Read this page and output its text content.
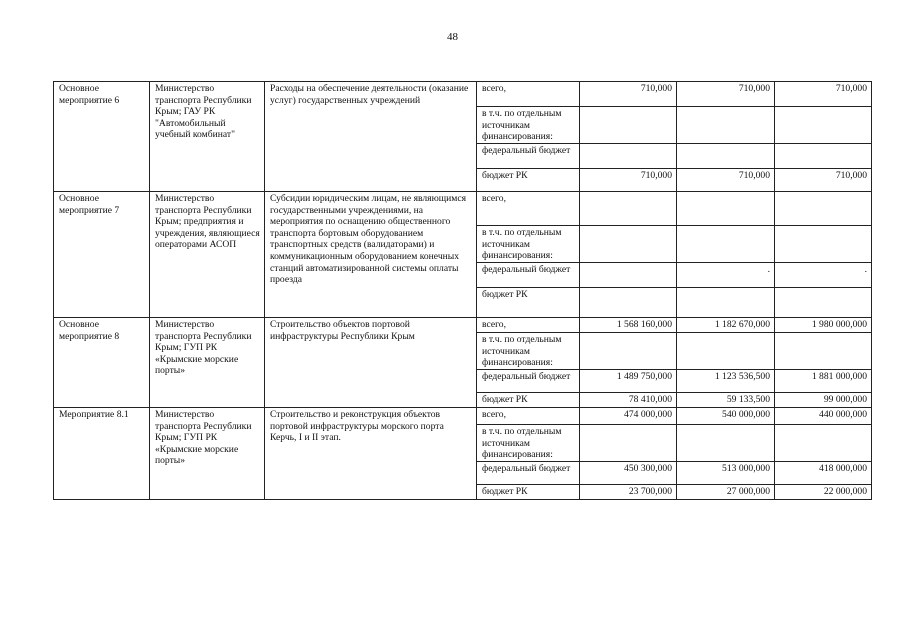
48
Основное мероприятие 6	Министерство транспорта Республики Крым; ГАУ РК "Автомобильный учебный комбинат"	Расходы на обеспечение деятельности (оказание услуг) государственных учреждений	всего,	710,000	710,000	710,000
			в т.ч. по отдельным источникам финансирования:			
			федеральный бюджет			
			бюджет РК	710,000	710,000	710,000
Основное мероприятие 7	Министерство транспорта Республики Крым; предприятия и учреждения, являющиеся операторами АСОП	Субсидии юридическим лицам, не являющимся государственными учреждениями, на мероприятия по оснащению общественного транспорта бортовым оборудованием транспортных средств (валидаторами) и коммуникационным оборудованием конечных станций автоматизированной системы оплаты проезда	всего,			
			в т.ч. по отдельным источникам финансирования:			
			федеральный бюджет		.	.
			бюджет РК			
Основное мероприятие 8	Министерство транспорта Республики Крым; ГУП РК «Крымские морские порты»	Строительство объектов портовой инфраструктуры Республики Крым	всего,	1 568 160,000	1 182 670,000	1 980 000,000
			в т.ч. по отдельным источникам финансирования:			
			федеральный бюджет	1 489 750,000	1 123 536,500	1 881 000,000
			бюджет РК	78 410,000	59 133,500	99 000,000
Мероприятие 8.1	Министерство транспорта Республики Крым; ГУП РК «Крымские морские порты»	Строительство и реконструкция объектов портовой инфраструктуры морского порта Керчь, I и II этап.	всего,	474 000,000	540 000,000	440 000,000
			в т.ч. по отдельным источникам финансирования:			
			федеральный бюджет	450 300,000	513 000,000	418 000,000
			бюджет РК	23 700,000	27 000,000	22 000,000
